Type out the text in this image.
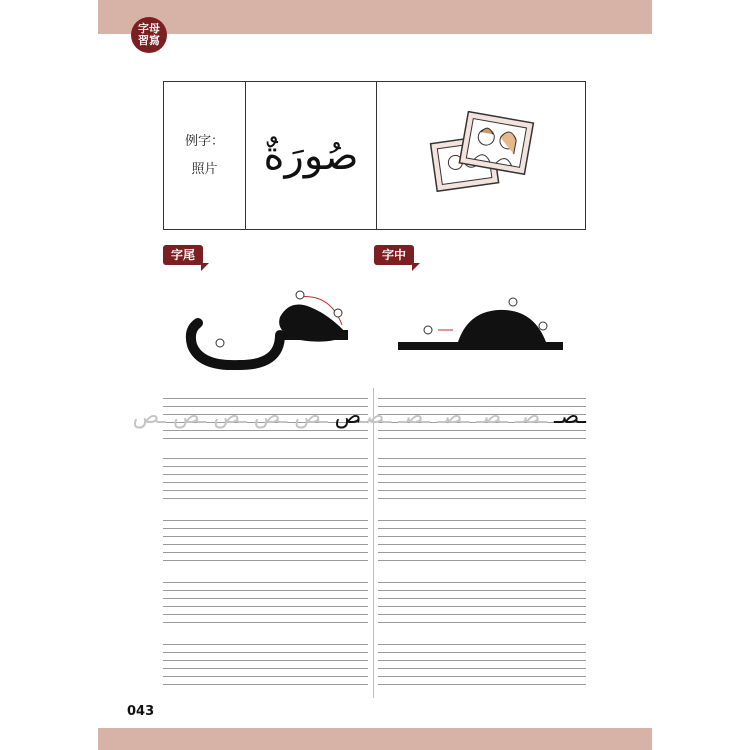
字母
習寫
例字：
照片	صُورَةٌ
字尾	字中
ـص ـص ـص ـص ـص ـص	ـصـ ـصـ ـصـ ـصـ ـصـ ـصـ
043
